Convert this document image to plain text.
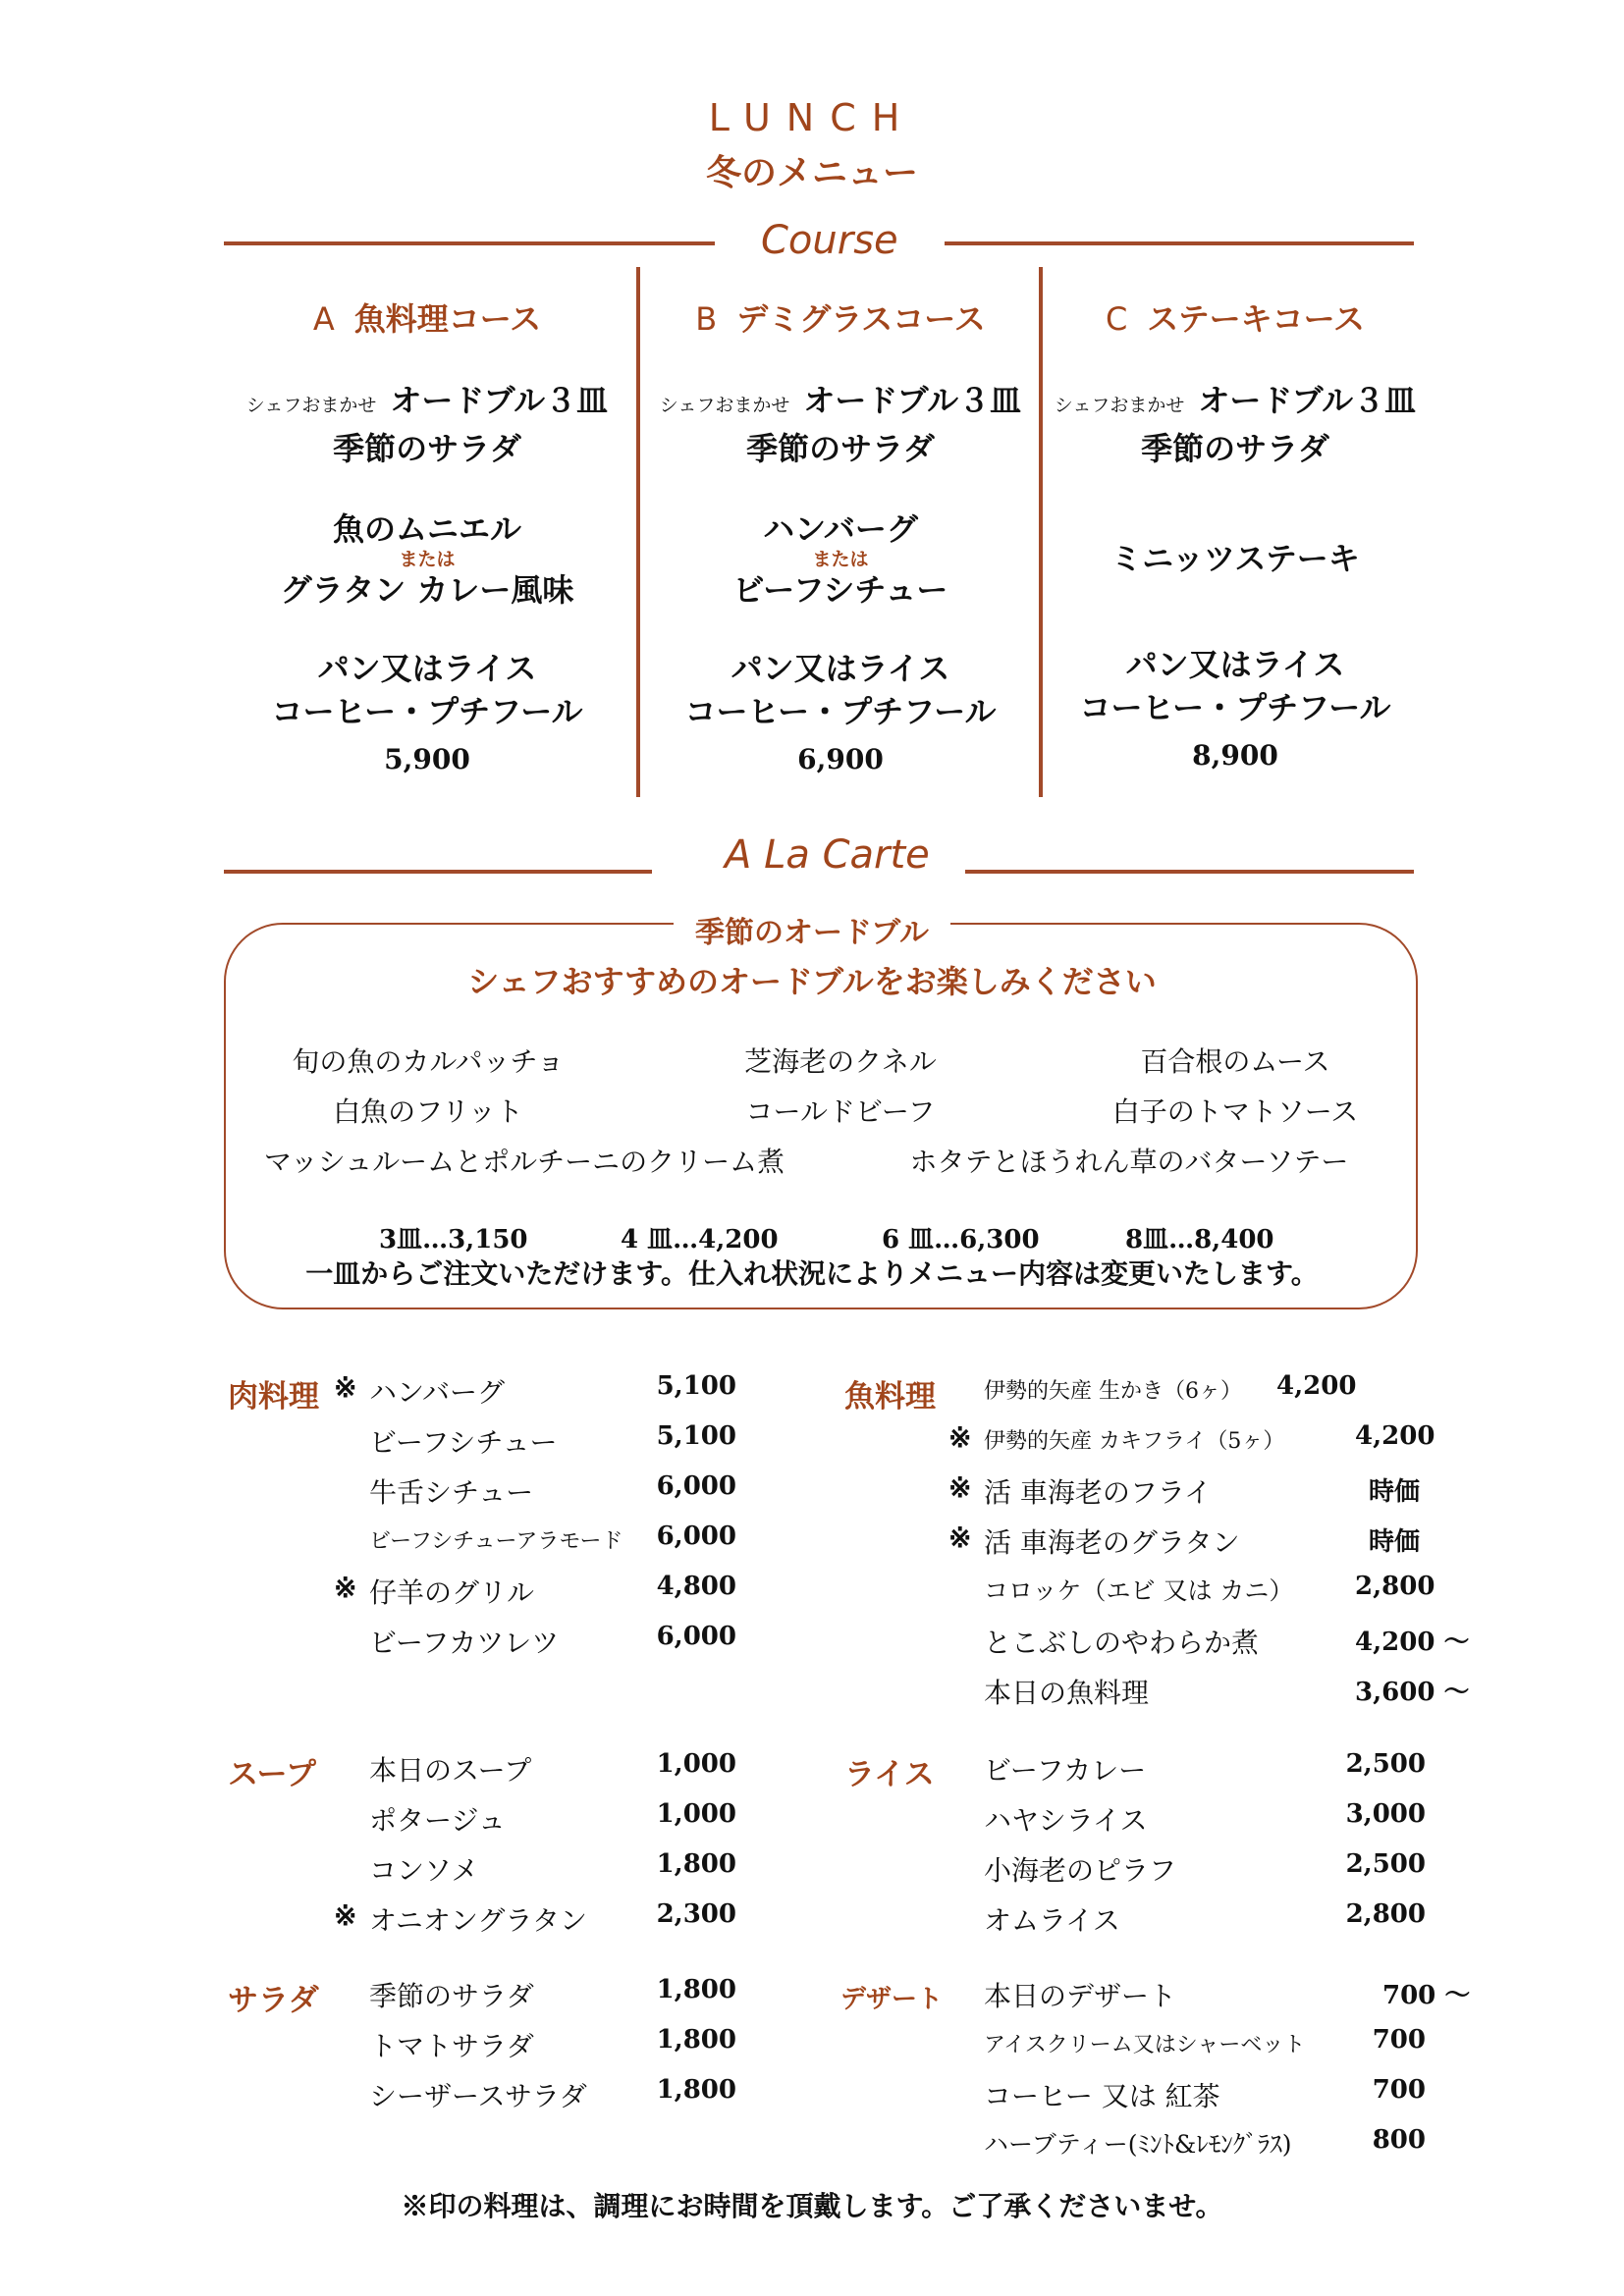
LUNCH
冬のメニュー
Course
A 魚料理コース
シェフおまかせ オードブル３皿
季節のサラダ
魚のムニエル
または
グラタン カレー風味
パン又はライス
コーヒー・プチフール
5,900
B デミグラスコース
シェフおまかせ オードブル３皿
季節のサラダ
ハンバーグ
または
ビーフシチュー
パン又はライス
コーヒー・プチフール
6,900
C ステーキコース
シェフおまかせ オードブル３皿
季節のサラダ
ミニッツステーキ
パン又はライス
コーヒー・プチフール
8,900
A La Carte
季節のオードブル
シェフおすすめのオードブルをお楽しみください
旬の魚のカルパッチョ	芝海老のクネル	百合根のムース
白魚のフリット	コールドビーフ	白子のトマトソース
マッシュルームとポルチーニのクリーム煮	ホタテとほうれん草のバターソテー
3皿…3,150	4 皿…4,200	6 皿…6,300	8皿…8,400
一皿からご注文いただけます。仕入れ状況によりメニュー内容は変更いたします。
肉料理 ※ ハンバーグ	5,100
ビーフシチュー	5,100
牛舌シチュー	6,000
ビーフシチューアラモード	6,000
※ 仔羊のグリル	4,800
ビーフカツレツ	6,000
魚料理 伊勢的矢産 生かき（6ヶ） 4,200
※ 伊勢的矢産 カキフライ（5ヶ）	4,200
※ 活 車海老のフライ	時価
※ 活 車海老のグラタン	時価
コロッケ（エビ 又は カニ） 2,800
とこぶしのやわらか煮	4,200 ～
本日の魚料理	3,600 ～
スープ 本日のスープ	1,000
ポタージュ	1,000
コンソメ	1,800
※ オニオングラタン	2,300
ライス ビーフカレー	2,500
ハヤシライス	3,000
小海老のピラフ	2,500
オムライス	2,800
サラダ 季節のサラダ	1,800
トマトサラダ	1,800
シーザースサラダ	1,800
デザート 本日のデザート	700 ～
アイスクリーム又はシャーベット	700
コーヒー 又は 紅茶	700
ハーブティー(ﾐﾝﾄ&ﾚﾓﾝｸﾞﾗｽ)	800
※印の料理は、調理にお時間を頂戴します。ご了承くださいませ。
